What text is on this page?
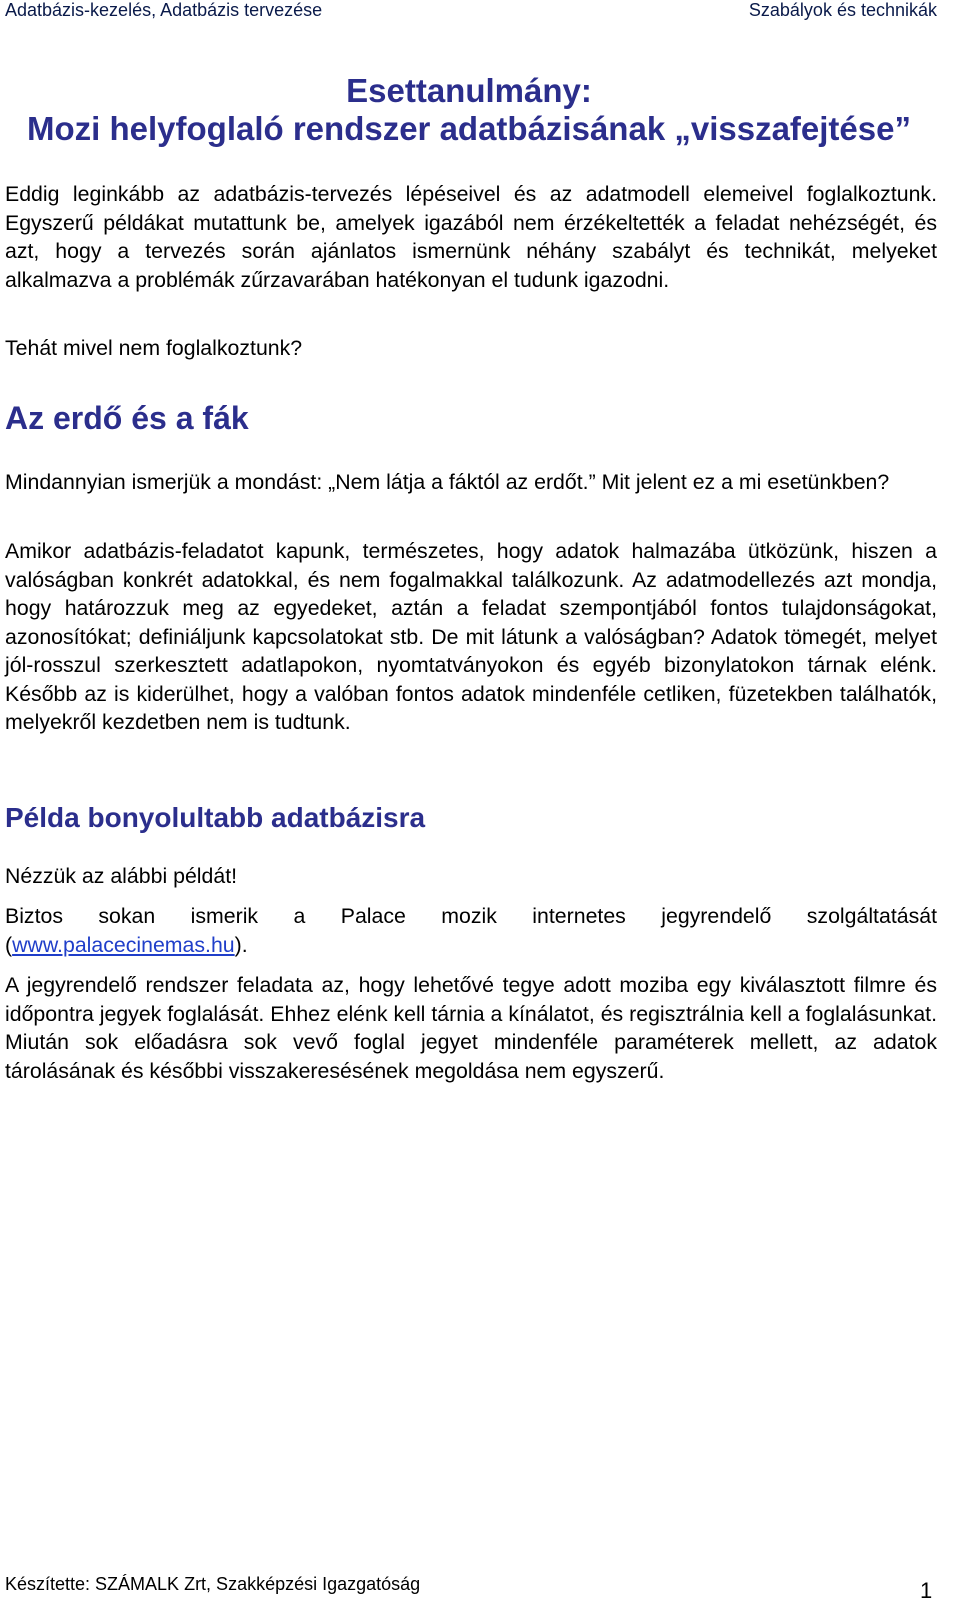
Adatbázis-kezelés, Adatbázis tervezése	Szabályok és technikák
Esettanulmány:
Mozi helyfoglaló rendszer adatbázisának „visszafejtése”

Eddig leginkább az adatbázis-tervezés lépéseivel és az adatmodell elemeivel foglalkoztunk. Egyszerű példákat mutattunk be, amelyek igazából nem érzékeltették a feladat nehézségét, és azt, hogy a tervezés során ajánlatos ismernünk néhány szabályt és technikát, melyeket alkalmazva a problémák zűrzavarában hatékonyan el tudunk igazodni.

Tehát mivel nem foglalkoztunk?

Az erdő és a fák

Mindannyian ismerjük a mondást: „Nem látja a fáktól az erdőt.” Mit jelent ez a mi esetünkben?

Amikor adatbázis-feladatot kapunk, természetes, hogy adatok halmazába ütközünk, hiszen a valóságban konkrét adatokkal, és nem fogalmakkal találkozunk. Az adatmodellezés azt mondja, hogy határozzuk meg az egyedeket, aztán a feladat szempontjából fontos tulajdonságokat, azonosítókat; definiáljunk kapcsolatokat stb. De mit látunk a valóságban? Adatok tömegét, melyet jól-rosszul szerkesztett adatlapokon, nyomtatványokon és egyéb bizonylatokon tárnak elénk. Később az is kiderülhet, hogy a valóban fontos adatok mindenféle cetliken, füzetekben találhatók, melyekről kezdetben nem is tudtunk.

Példa bonyolultabb adatbázisra

Nézzük az alábbi példát!

Biztos sokan ismerik a Palace mozik internetes jegyrendelő szolgáltatását (www.palacecinemas.hu).

A jegyrendelő rendszer feladata az, hogy lehetővé tegye adott moziba egy kiválasztott filmre és időpontra jegyek foglalását. Ehhez elénk kell tárnia a kínálatot, és regisztrálnia kell a foglalásunkat. Miután sok előadásra sok vevő foglal jegyet mindenféle paraméterek mellett, az adatok tárolásának és későbbi visszakeresésének megoldása nem egyszerű.

Készítette: SZÁMALK Zrt, Szakképzési Igazgatóság	1
